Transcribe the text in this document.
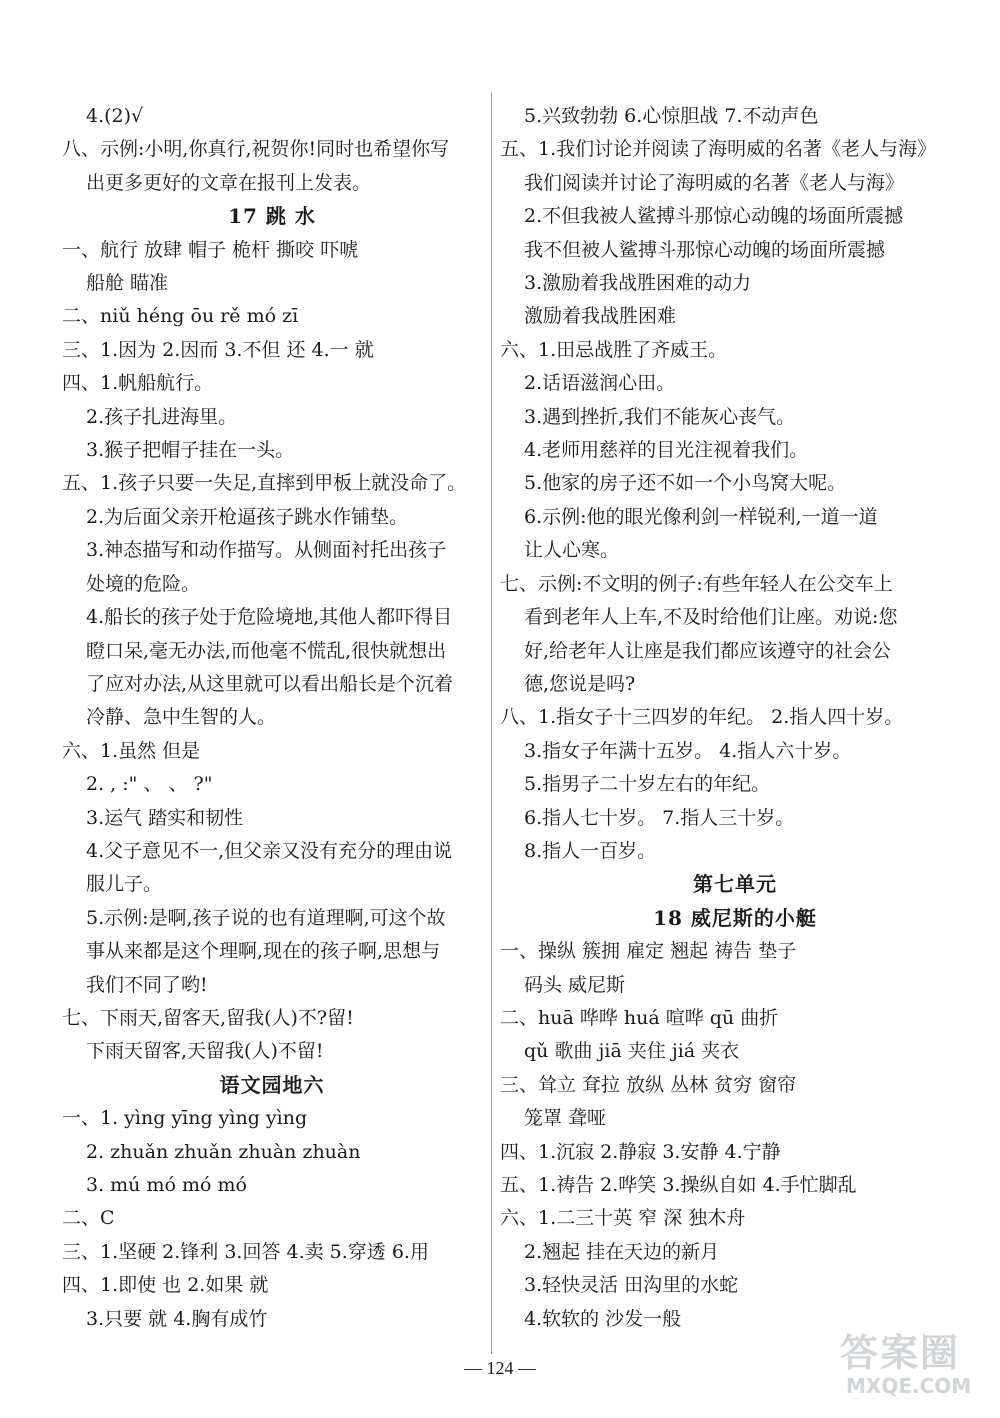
4.(2)√
八、示例:小明,你真行,祝贺你!同时也希望你写
出更多更好的文章在报刊上发表。
17 跳 水
一、航行 放肆 帽子 桅杆 撕咬 吓唬
船舱 瞄准
二、niǔ héng ōu rě mó zī
三、1.因为 2.因而 3.不但 还 4.一 就
四、1.帆船航行。
2.孩子扎进海里。
3.猴子把帽子挂在一头。
五、1.孩子只要一失足,直摔到甲板上就没命了。
2.为后面父亲开枪逼孩子跳水作铺垫。
3.神态描写和动作描写。从侧面衬托出孩子
处境的危险。
4.船长的孩子处于危险境地,其他人都吓得目
瞪口呆,毫无办法,而他毫不慌乱,很快就想出
了应对办法,从这里就可以看出船长是个沉着
冷静、急中生智的人。
六、1.虽然 但是
2. , :" 、 、 ?"
3.运气 踏实和韧性
4.父子意见不一,但父亲又没有充分的理由说
服儿子。
5.示例:是啊,孩子说的也有道理啊,可这个故
事从来都是这个理啊,现在的孩子啊,思想与
我们不同了哟!
七、下雨天,留客天,留我(人)不?留!
下雨天留客,天留我(人)不留!
语文园地六
一、1. yìng yīng yìng yìng
2. zhuǎn zhuǎn zhuàn zhuàn
3. mú mó mó mó
二、C
三、1.坚硬 2.锋利 3.回答 4.卖 5.穿透 6.用
四、1.即使 也 2.如果 就
3.只要 就 4.胸有成竹
5.兴致勃勃 6.心惊胆战 7.不动声色
五、1.我们讨论并阅读了海明威的名著《老人与海》
我们阅读并讨论了海明威的名著《老人与海》
2.不但我被人鲨搏斗那惊心动魄的场面所震撼
我不但被人鲨搏斗那惊心动魄的场面所震撼
3.激励着我战胜困难的动力
激励着我战胜困难
六、1.田忌战胜了齐威王。
2.话语滋润心田。
3.遇到挫折,我们不能灰心丧气。
4.老师用慈祥的目光注视着我们。
5.他家的房子还不如一个小鸟窝大呢。
6.示例:他的眼光像利剑一样锐利,一道一道
让人心寒。
七、示例:不文明的例子:有些年轻人在公交车上
看到老年人上车,不及时给他们让座。劝说:您
好,给老年人让座是我们都应该遵守的社会公
德,您说是吗?
八、1.指女子十三四岁的年纪。 2.指人四十岁。
3.指女子年满十五岁。 4.指人六十岁。
5.指男子二十岁左右的年纪。
6.指人七十岁。 7.指人三十岁。
8.指人一百岁。
第七单元
18 威尼斯的小艇
一、操纵 簇拥 雇定 翘起 祷告 垫子
码头 威尼斯
二、huā 哗哗 huá 喧哗 qū 曲折
qǔ 歌曲 jiā 夹住 jiá 夹衣
三、耸立 耷拉 放纵 丛林 贫穷 窗帘
笼罩 聋哑
四、1.沉寂 2.静寂 3.安静 4.宁静
五、1.祷告 2.哗笑 3.操纵自如 4.手忙脚乱
六、1.二三十英 窄 深 独木舟
2.翘起 挂在天边的新月
3.轻快灵活 田沟里的水蛇
4.软软的 沙发一般
— 124 —	答案圈
MXQE.COM
